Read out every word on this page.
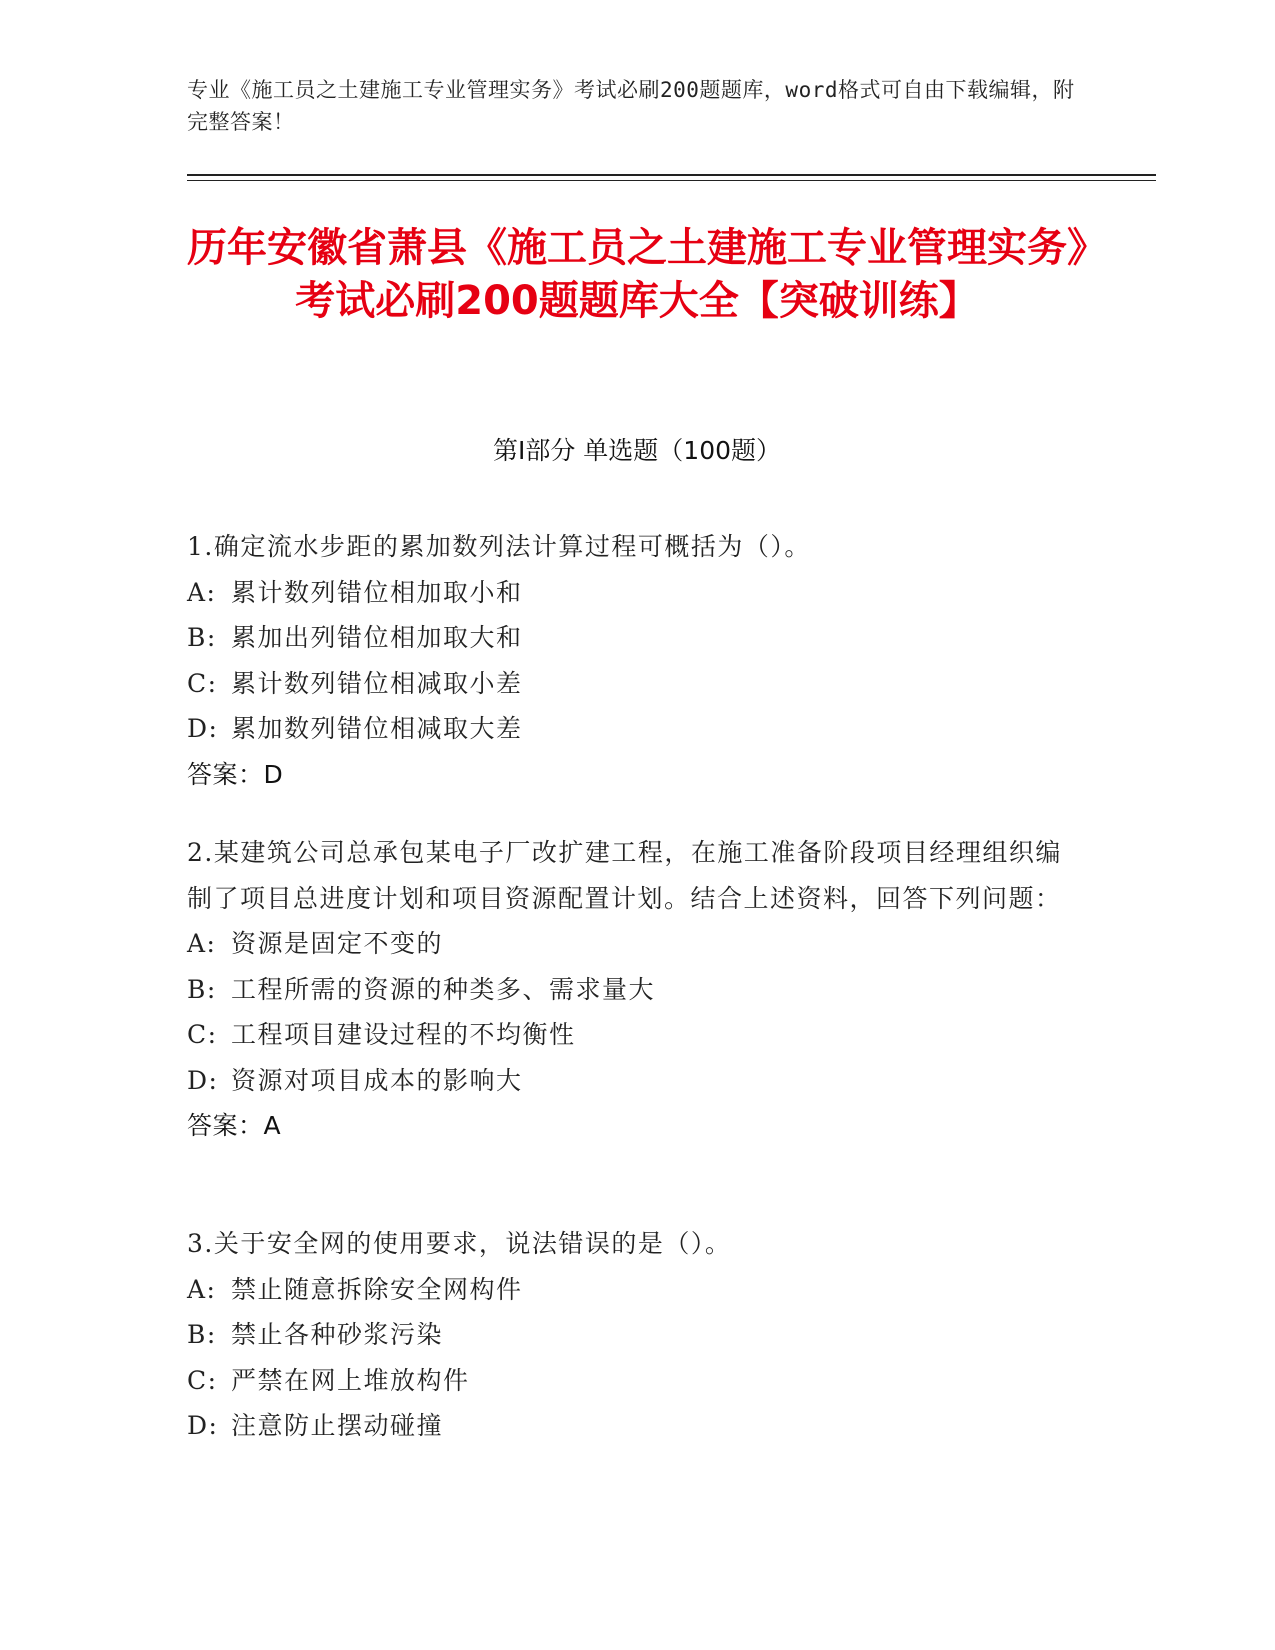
专业《施工员之土建施工专业管理实务》考试必刷200题题库，word格式可自由下载编辑，附完整答案！
历年安徽省萧县《施工员之土建施工专业管理实务》考试必刷200题题库大全【突破训练】
第Ⅰ部分 单选题（100题）
1.确定流水步距的累加数列法计算过程可概括为（）。
A: 累计数列错位相加取小和
B: 累加出列错位相加取大和
C: 累计数列错位相减取小差
D: 累加数列错位相减取大差
答案：D
2.某建筑公司总承包某电子厂改扩建工程，在施工准备阶段项目经理组织编制了项目总进度计划和项目资源配置计划。结合上述资料，回答下列问题：
A: 资源是固定不变的
B: 工程所需的资源的种类多、需求量大
C: 工程项目建设过程的不均衡性
D: 资源对项目成本的影响大
答案：A
3.关于安全网的使用要求，说法错误的是（）。
A: 禁止随意拆除安全网构件
B: 禁止各种砂浆污染
C: 严禁在网上堆放构件
D: 注意防止摆动碰撞
